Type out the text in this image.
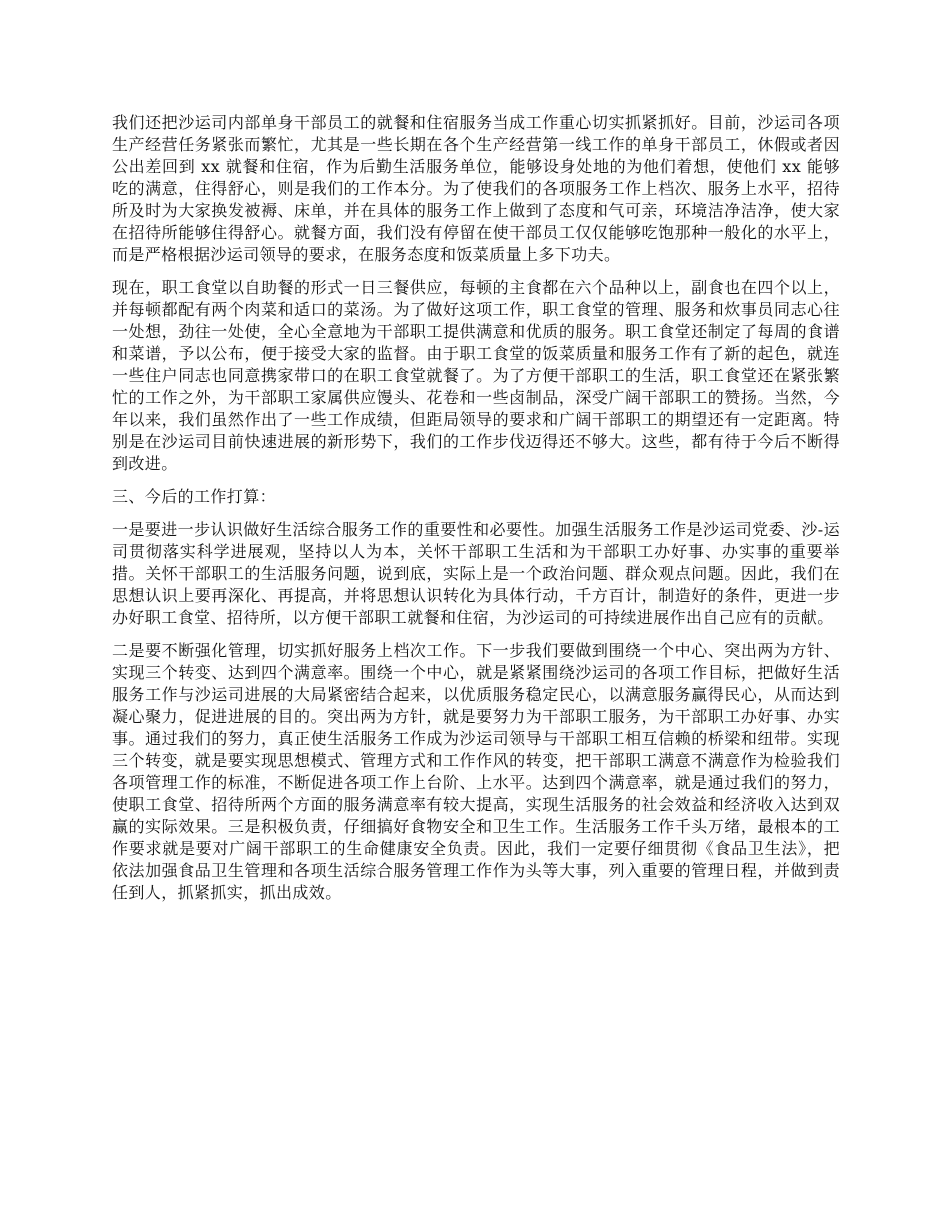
我们还把沙运司内部单身干部员工的就餐和住宿服务当成工作重心切实抓紧抓好。目前，沙运司各项生产经营任务紧张而繁忙，尤其是一些长期在各个生产经营第一线工作的单身干部员工，休假或者因公出差回到 xx 就餐和住宿，作为后勤生活服务单位，能够设身处地的为他们着想，使他们 xx 能够吃的满意，住得舒心，则是我们的工作本分。为了使我们的各项服务工作上档次、服务上水平，招待所及时为大家换发被褥、床单，并在具体的服务工作上做到了态度和气可亲，环境洁净洁净，使大家在招待所能够住得舒心。就餐方面，我们没有停留在使干部员工仅仅能够吃饱那种一般化的水平上，而是严格根据沙运司领导的要求，在服务态度和饭菜质量上多下功夫。

现在，职工食堂以自助餐的形式一日三餐供应，每顿的主食都在六个品种以上，副食也在四个以上，并每顿都配有两个肉菜和适口的菜汤。为了做好这项工作，职工食堂的管理、服务和炊事员同志心往一处想，劲往一处使，全心全意地为干部职工提供满意和优质的服务。职工食堂还制定了每周的食谱和菜谱，予以公布，便于接受大家的监督。由于职工食堂的饭菜质量和服务工作有了新的起色，就连一些住户同志也同意携家带口的在职工食堂就餐了。为了方便干部职工的生活，职工食堂还在紧张繁忙的工作之外，为干部职工家属供应馒头、花卷和一些卤制品，深受广阔干部职工的赞扬。当然，今年以来，我们虽然作出了一些工作成绩，但距局领导的要求和广阔干部职工的期望还有一定距离。特别是在沙运司目前快速进展的新形势下，我们的工作步伐迈得还不够大。这些，都有待于今后不断得到改进。

三、今后的工作打算：

一是要进一步认识做好生活综合服务工作的重要性和必要性。加强生活服务工作是沙运司党委、沙-运司贯彻落实科学进展观，坚持以人为本，关怀干部职工生活和为干部职工办好事、办实事的重要举措。关怀干部职工的生活服务问题，说到底，实际上是一个政治问题、群众观点问题。因此，我们在思想认识上要再深化、再提高，并将思想认识转化为具体行动，千方百计，制造好的条件，更进一步办好职工食堂、招待所，以方便干部职工就餐和住宿，为沙运司的可持续进展作出自己应有的贡献。

二是要不断强化管理，切实抓好服务上档次工作。下一步我们要做到围绕一个中心、突出两为方针、实现三个转变、达到四个满意率。围绕一个中心，就是紧紧围绕沙运司的各项工作目标，把做好生活服务工作与沙运司进展的大局紧密结合起来，以优质服务稳定民心，以满意服务赢得民心，从而达到凝心聚力，促进进展的目的。突出两为方针，就是要努力为干部职工服务，为干部职工办好事、办实事。通过我们的努力，真正使生活服务工作成为沙运司领导与干部职工相互信赖的桥梁和纽带。实现三个转变，就是要实现思想模式、管理方式和工作作风的转变，把干部职工满意不满意作为检验我们各项管理工作的标准，不断促进各项工作上台阶、上水平。达到四个满意率，就是通过我们的努力，使职工食堂、招待所两个方面的服务满意率有较大提高，实现生活服务的社会效益和经济收入达到双赢的实际效果。三是积极负责，仔细搞好食物安全和卫生工作。生活服务工作千头万绪，最根本的工作要求就是要对广阔干部职工的生命健康安全负责。因此，我们一定要仔细贯彻《食品卫生法》，把依法加强食品卫生管理和各项生活综合服务管理工作作为头等大事，列入重要的管理日程，并做到责任到人，抓紧抓实，抓出成效。
